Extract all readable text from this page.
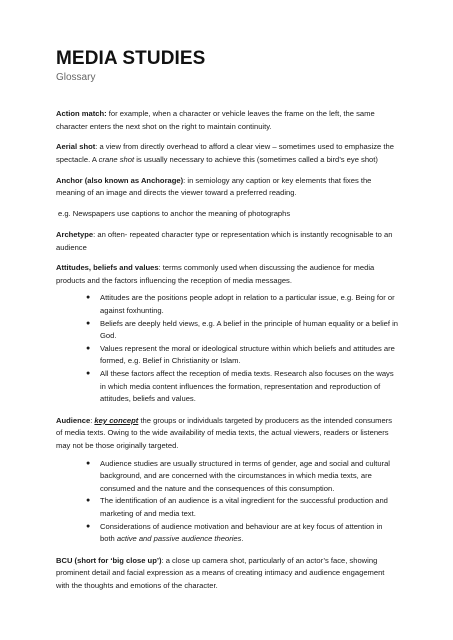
MEDIA STUDIES
Glossary

Action match: for example, when a character or vehicle leaves the frame on the left, the same character enters the next shot on the right to maintain continuity.

Aerial shot: a view from directly overhead to afford a clear view – sometimes used to emphasize the spectacle. A crane shot is usually necessary to achieve this (sometimes called a bird’s eye shot)

Anchor (also known as Anchorage): in semiology any caption or key elements that fixes the meaning of an image and directs the viewer toward a preferred reading.

e.g. Newspapers use captions to anchor the meaning of photographs

Archetype: an often- repeated character type or representation which is instantly recognisable to an audience

Attitudes, beliefs and values: terms commonly used when discussing the audience for media products and the factors influencing the reception of media messages.

● Attitudes are the positions people adopt in relation to a particular issue, e.g. Being for or against foxhunting.
● Beliefs are deeply held views, e.g. A belief in the principle of human equality or a belief in God.
● Values represent the moral or ideological structure within which beliefs and attitudes are formed, e.g. Belief in Christianity or Islam.
● All these factors affect the reception of media texts. Research also focuses on the ways in which media content influences the formation, representation and reproduction of attitudes, beliefs and values.

Audience: key concept the groups or individuals targeted by producers as the intended consumers of media texts. Owing to the wide availability of media texts, the actual viewers, readers or listeners may not be those originally targeted.

● Audience studies are usually structured in terms of gender, age and social and cultural background, and are concerned with the circumstances in which media texts, are consumed and the nature and the consequences of this consumption.
● The identification of an audience is a vital ingredient for the successful production and marketing of and media text.
● Considerations of audience motivation and behaviour are at key focus of attention in both active and passive audience theories.

BCU (short for ‘big close up’): a close up camera shot, particularly of an actor’s face, showing prominent detail and facial expression as a means of creating intimacy and audience engagement with the thoughts and emotions of the character.
